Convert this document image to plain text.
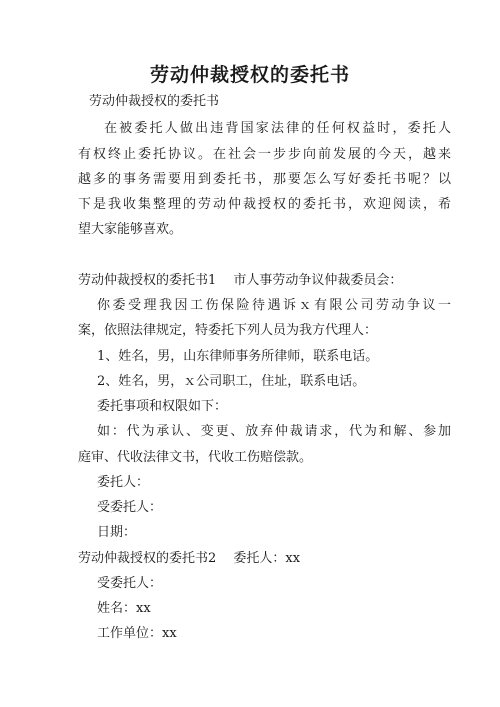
劳动仲裁授权的委托书

劳动仲裁授权的委托书

在被委托人做出违背国家法律的任何权益时，委托人

有权终止委托协议。在社会一步步向前发展的今天，越来

越多的事务需要用到委托书，那要怎么写好委托书呢？以

下是我收集整理的劳动仲裁授权的委托书，欢迎阅读，希

望大家能够喜欢。

劳动仲裁授权的委托书1　 市人事劳动争议仲裁委员会：

你委受理我因工伤保险待遇诉ｘ有限公司劳动争议一

案，依照法律规定，特委托下列人员为我方代理人：

1、姓名，男，山东律师事务所律师，联系电话。

2、姓名，男，ｘ公司职工，住址，联系电话。

委托事项和权限如下：

如：代为承认、变更、放弃仲裁请求，代为和解、参加

庭审、代收法律文书，代收工伤赔偿款。

委托人：

受委托人：

日期：

劳动仲裁授权的委托书2　 委托人：xx

受委托人：

姓名：xx

工作单位：xx
